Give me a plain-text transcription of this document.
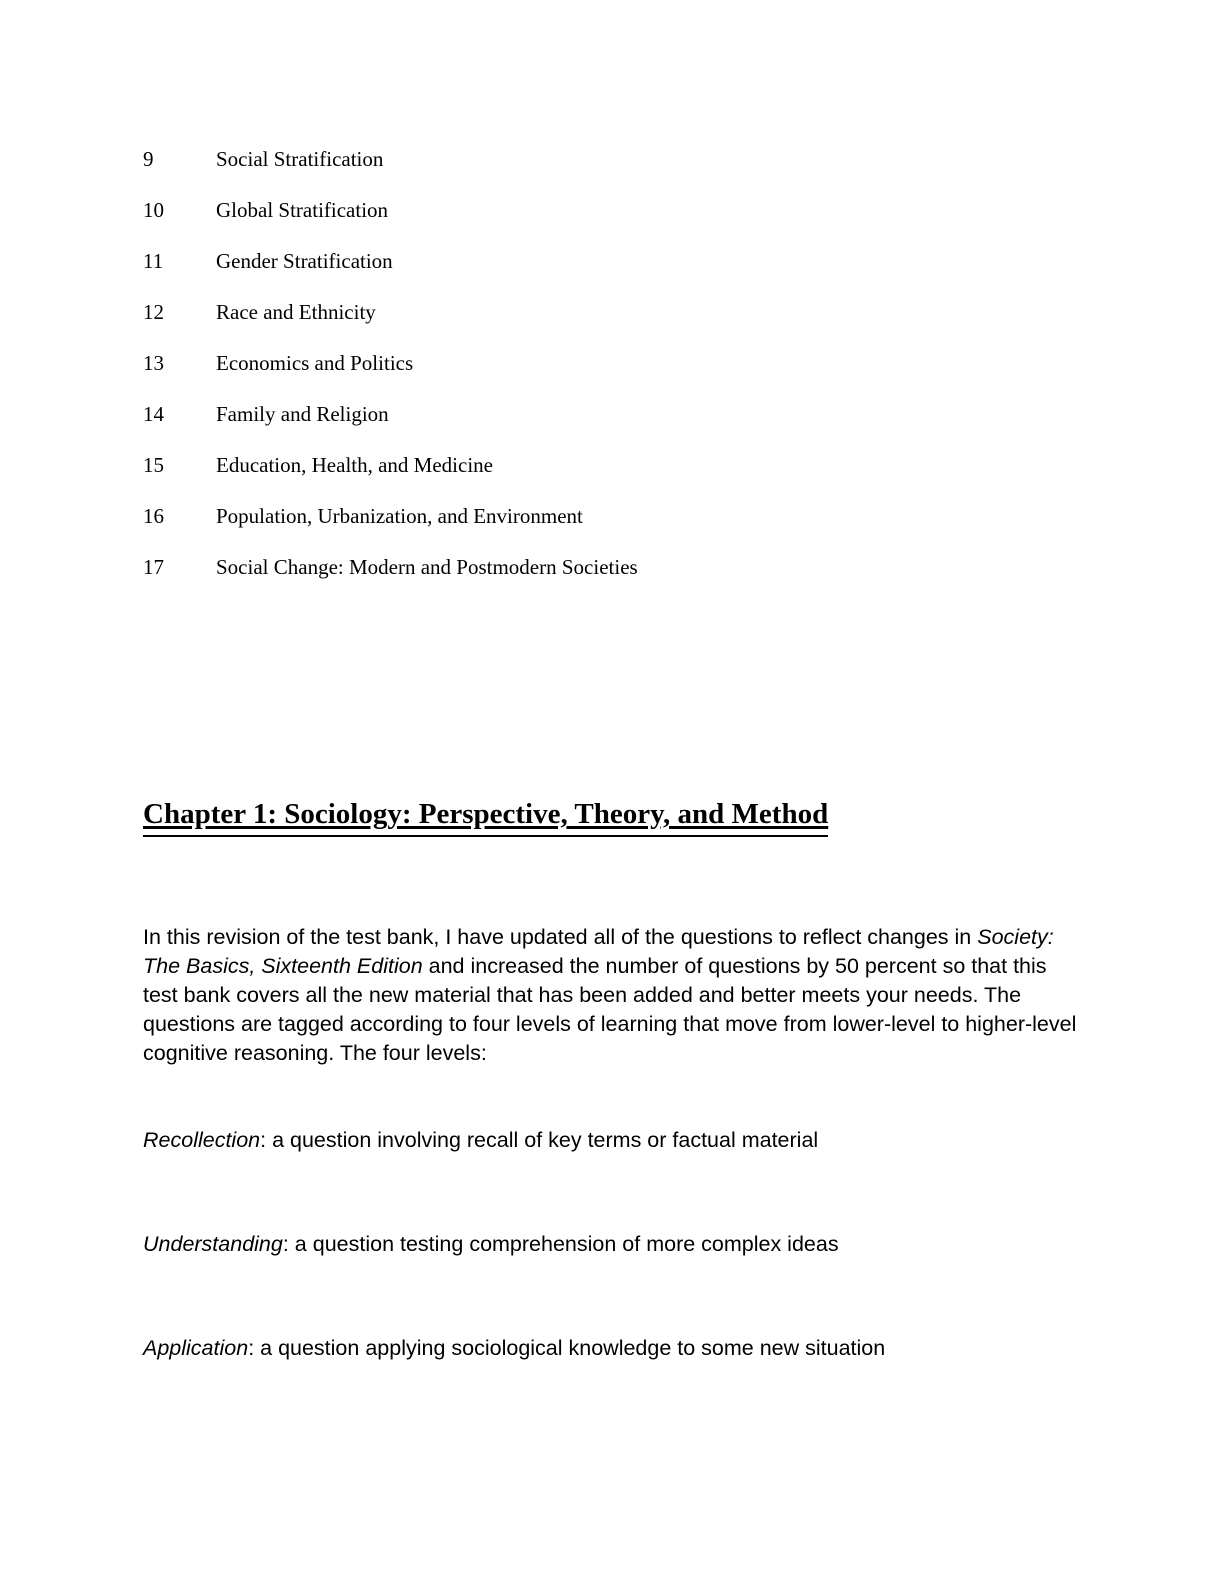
9	Social Stratification
10	Global Stratification
11	Gender Stratification
12	Race and Ethnicity
13	Economics and Politics
14	Family and Religion
15	Education, Health, and Medicine
16	Population, Urbanization, and Environment
17	Social Change: Modern and Postmodern Societies
Chapter 1: Sociology: Perspective, Theory, and Method

In this revision of the test bank, I have updated all of the questions to reflect changes in Society: The Basics, Sixteenth Edition and increased the number of questions by 50 percent so that this test bank covers all the new material that has been added and better meets your needs. The questions are tagged according to four levels of learning that move from lower-level to higher-level cognitive reasoning. The four levels:

Recollection: a question involving recall of key terms or factual material
Understanding: a question testing comprehension of more complex ideas
Application: a question applying sociological knowledge to some new situation
